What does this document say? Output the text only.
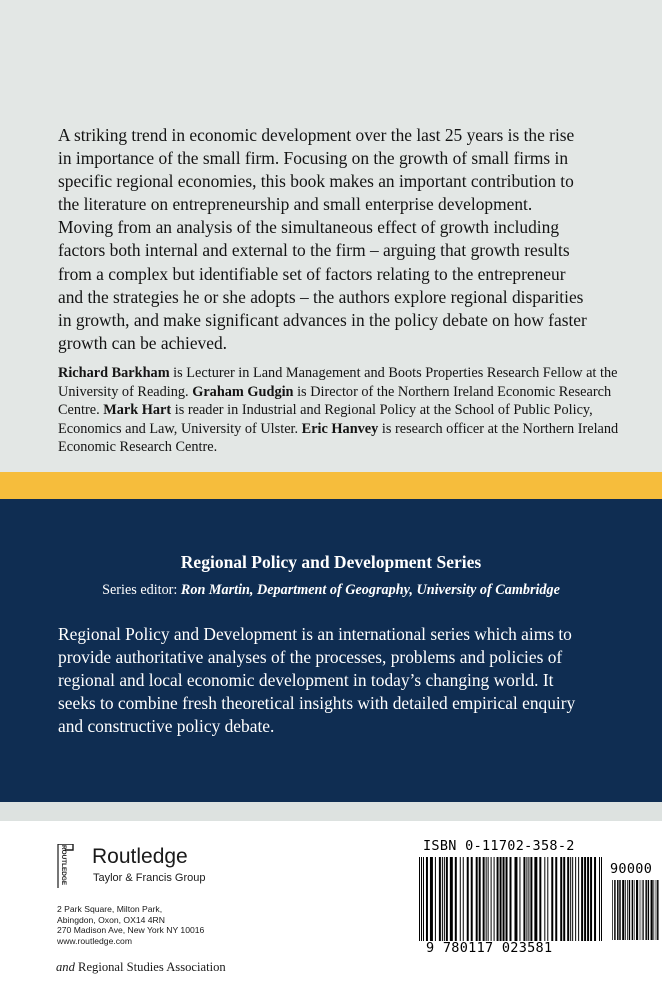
A striking trend in economic development over the last 25 years is the rise
in importance of the small firm. Focusing on the growth of small firms in
specific regional economies, this book makes an important contribution to
the literature on entrepreneurship and small enterprise development.
Moving from an analysis of the simultaneous effect of growth including
factors both internal and external to the firm – arguing that growth results
from a complex but identifiable set of factors relating to the entrepreneur
and the strategies he or she adopts – the authors explore regional disparities
in growth, and make significant advances in the policy debate on how faster
growth can be achieved.

Richard Barkham is Lecturer in Land Management and Boots Properties Research Fellow at the University of Reading. Graham Gudgin is Director of the Northern Ireland Economic Research Centre. Mark Hart is reader in Industrial and Regional Policy at the School of Public Policy, Economics and Law, University of Ulster. Eric Hanvey is research officer at the Northern Ireland Economic Research Centre.

Regional Policy and Development Series

Series editor: Ron Martin, Department of Geography, University of Cambridge

Regional Policy and Development is an international series which aims to
provide authoritative analyses of the processes, problems and policies of
regional and local economic development in today’s changing world. It
seeks to combine fresh theoretical insights with detailed empirical enquiry
and constructive policy debate.

ROUTLEDGE Routledge

Taylor & Francis Group

2 Park Square, Milton Park,
Abingdon, Oxon, OX14 4RN
270 Madison Ave, New York NY 10016
www.routledge.com

and Regional Studies Association

ISBN 0-11702-358-2

90000

9 780117 023581
